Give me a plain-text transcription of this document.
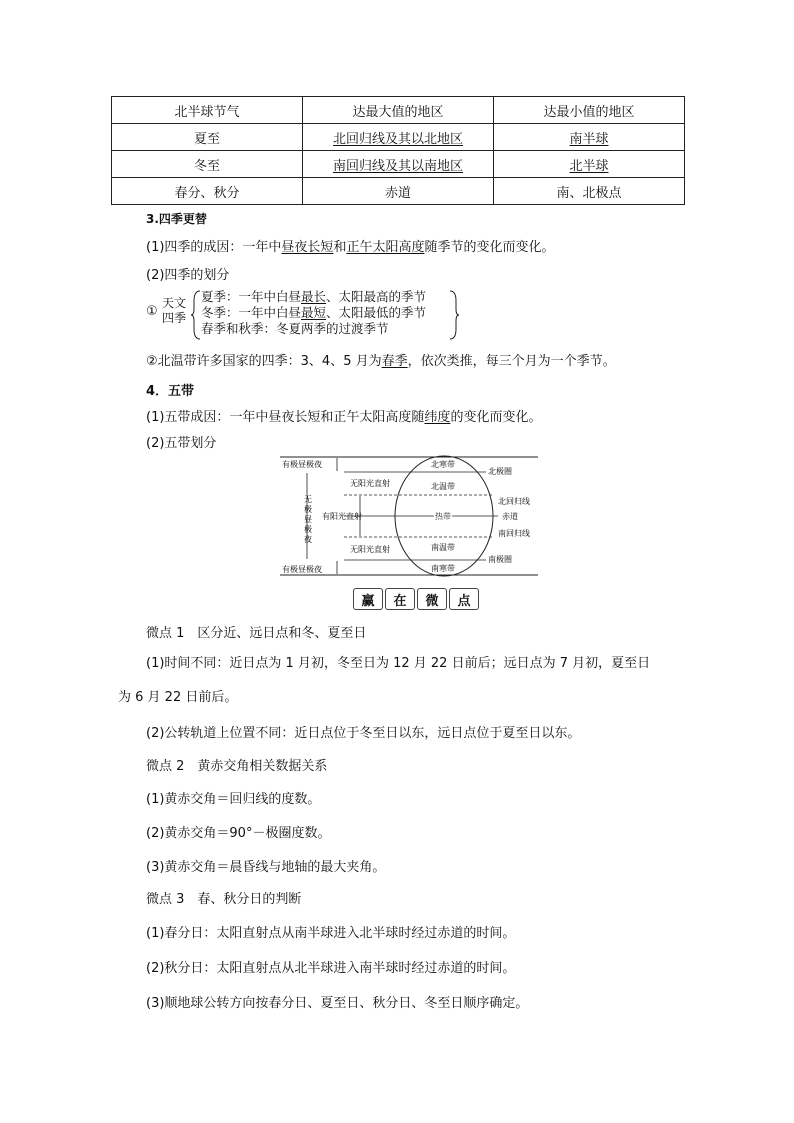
北半球节气	达最大值的地区	达最小值的地区
夏至	北回归线及其以北地区	南半球
冬至	南回归线及其以南地区	北半球
春分、秋分	赤道	南、北极点
3.四季更替
(1)四季的成因：一年中昼夜长短和正午太阳高度随季节的变化而变化。
(2)四季的划分
①
天文
四季
夏季：一年中白昼最长、太阳最高的季节
冬季：一年中白昼最短、太阳最低的季节
春季和秋季：冬夏两季的过渡季节
②北温带许多国家的四季：3、4、5 月为春季，依次类推，每三个月为一个季节。
4．五带
(1)五带成因：一年中昼夜长短和正午太阳高度随纬度的变化而变化。
(2)五带划分
有极昼极夜
无阳光直射
有阳光直射
无阳光直射
有极昼极夜
无
极
昼
极
夜
北寒带
北温带
热带
南温带
南寒带
北极圈
北回归线
赤道
南回归线
南极圈
赢	在	微	点
微点 1　区分近、远日点和冬、夏至日
(1)时间不同：近日点为 1 月初，冬至日为 12 月 22 日前后；远日点为 7 月初，夏至日
为 6 月 22 日前后。
(2)公转轨道上位置不同：近日点位于冬至日以东，远日点位于夏至日以东。
微点 2　黄赤交角相关数据关系
(1)黄赤交角＝回归线的度数。
(2)黄赤交角＝90°－极圈度数。
(3)黄赤交角＝晨昏线与地轴的最大夹角。
微点 3　春、秋分日的判断
(1)春分日：太阳直射点从南半球进入北半球时经过赤道的时间。
(2)秋分日：太阳直射点从北半球进入南半球时经过赤道的时间。
(3)顺地球公转方向按春分日、夏至日、秋分日、冬至日顺序确定。
